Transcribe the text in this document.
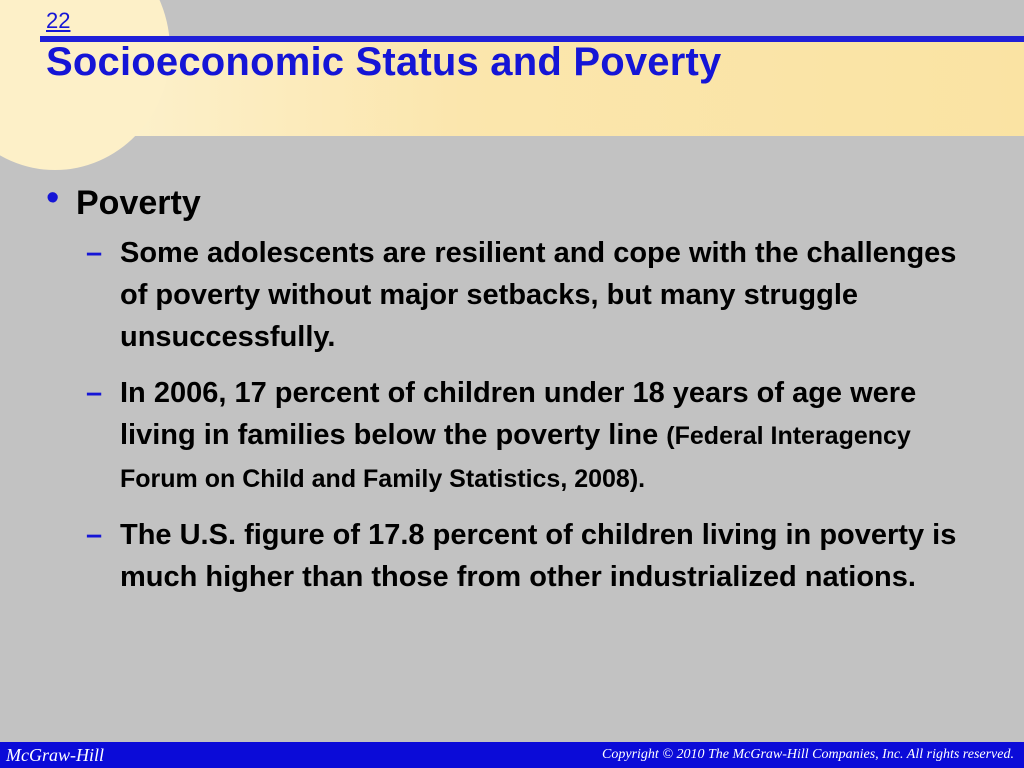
22
Socioeconomic Status and Poverty
• Poverty
– Some adolescents are resilient and cope with the challenges of poverty without major setbacks, but many struggle unsuccessfully.
– In 2006, 17 percent of children under 18 years of age were living in families below the poverty line (Federal Interagency Forum on Child and Family Statistics, 2008).
– The U.S. figure of 17.8 percent of children living in poverty is much higher than those from other industrialized nations.
McGraw-Hill	Copyright © 2010 The McGraw-Hill Companies, Inc. All rights reserved.
